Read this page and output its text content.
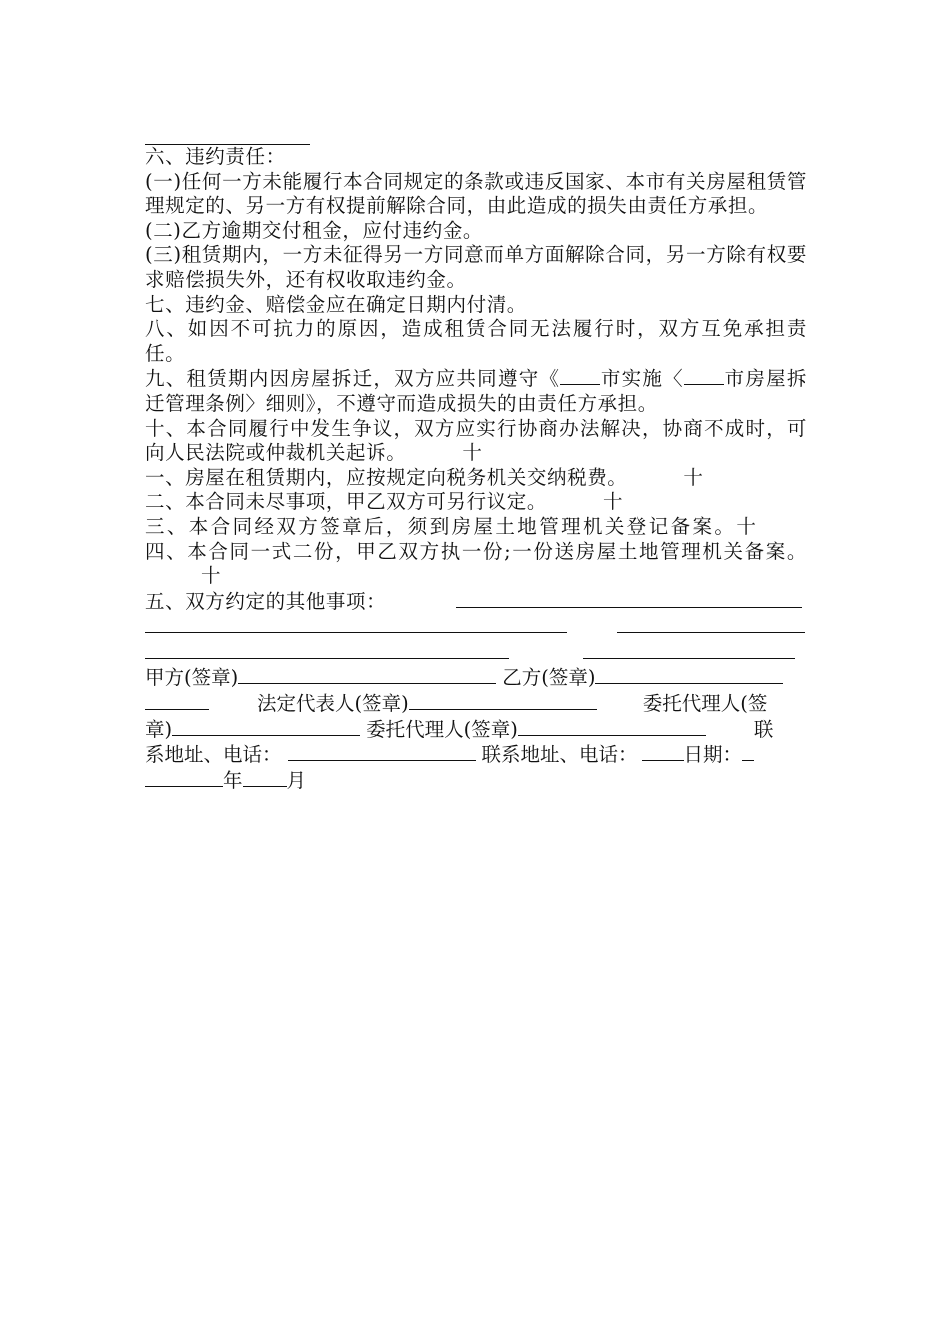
六、违约责任：
(一)任何一方未能履行本合同规定的条款或违反国家、本市有关房屋租赁管理规定的、另一方有权提前解除合同，由此造成的损失由责任方承担。
(二)乙方逾期交付租金，应付违约金。
(三)租赁期内，一方未征得另一方同意而单方面解除合同，另一方除有权要求赔偿损失外，还有权收取违约金。
七、违约金、赔偿金应在确定日期内付清。
八、如因不可抗力的原因，造成租赁合同无法履行时，双方互免承担责任。
九、租赁期内因房屋拆迁，双方应共同遵守《 市实施〈 市房屋拆迁管理条例〉细则》，不遵守而造成损失的由责任方承担。
十、本合同履行中发生争议，双方应实行协商办法解决，协商不成时，可向人民法院或仲裁机关起诉。	十
一、房屋在租赁期内，应按规定向税务机关交纳税费。	十
二、本合同未尽事项，甲乙双方可另行议定。	十
三、本合同经双方签章后，须到房屋土地管理机关登记备案。十
四、本合同一式二份，甲乙双方执一份;一份送房屋土地管理机关备案。十
五、双方约定的其他事项：
甲方(签章)	乙方(签章)
法定代表人(签章)	委托代理人(签
章)	委托代理人(签章)	联
系地址、电话：	联系地址、电话： 日期：
年 月
